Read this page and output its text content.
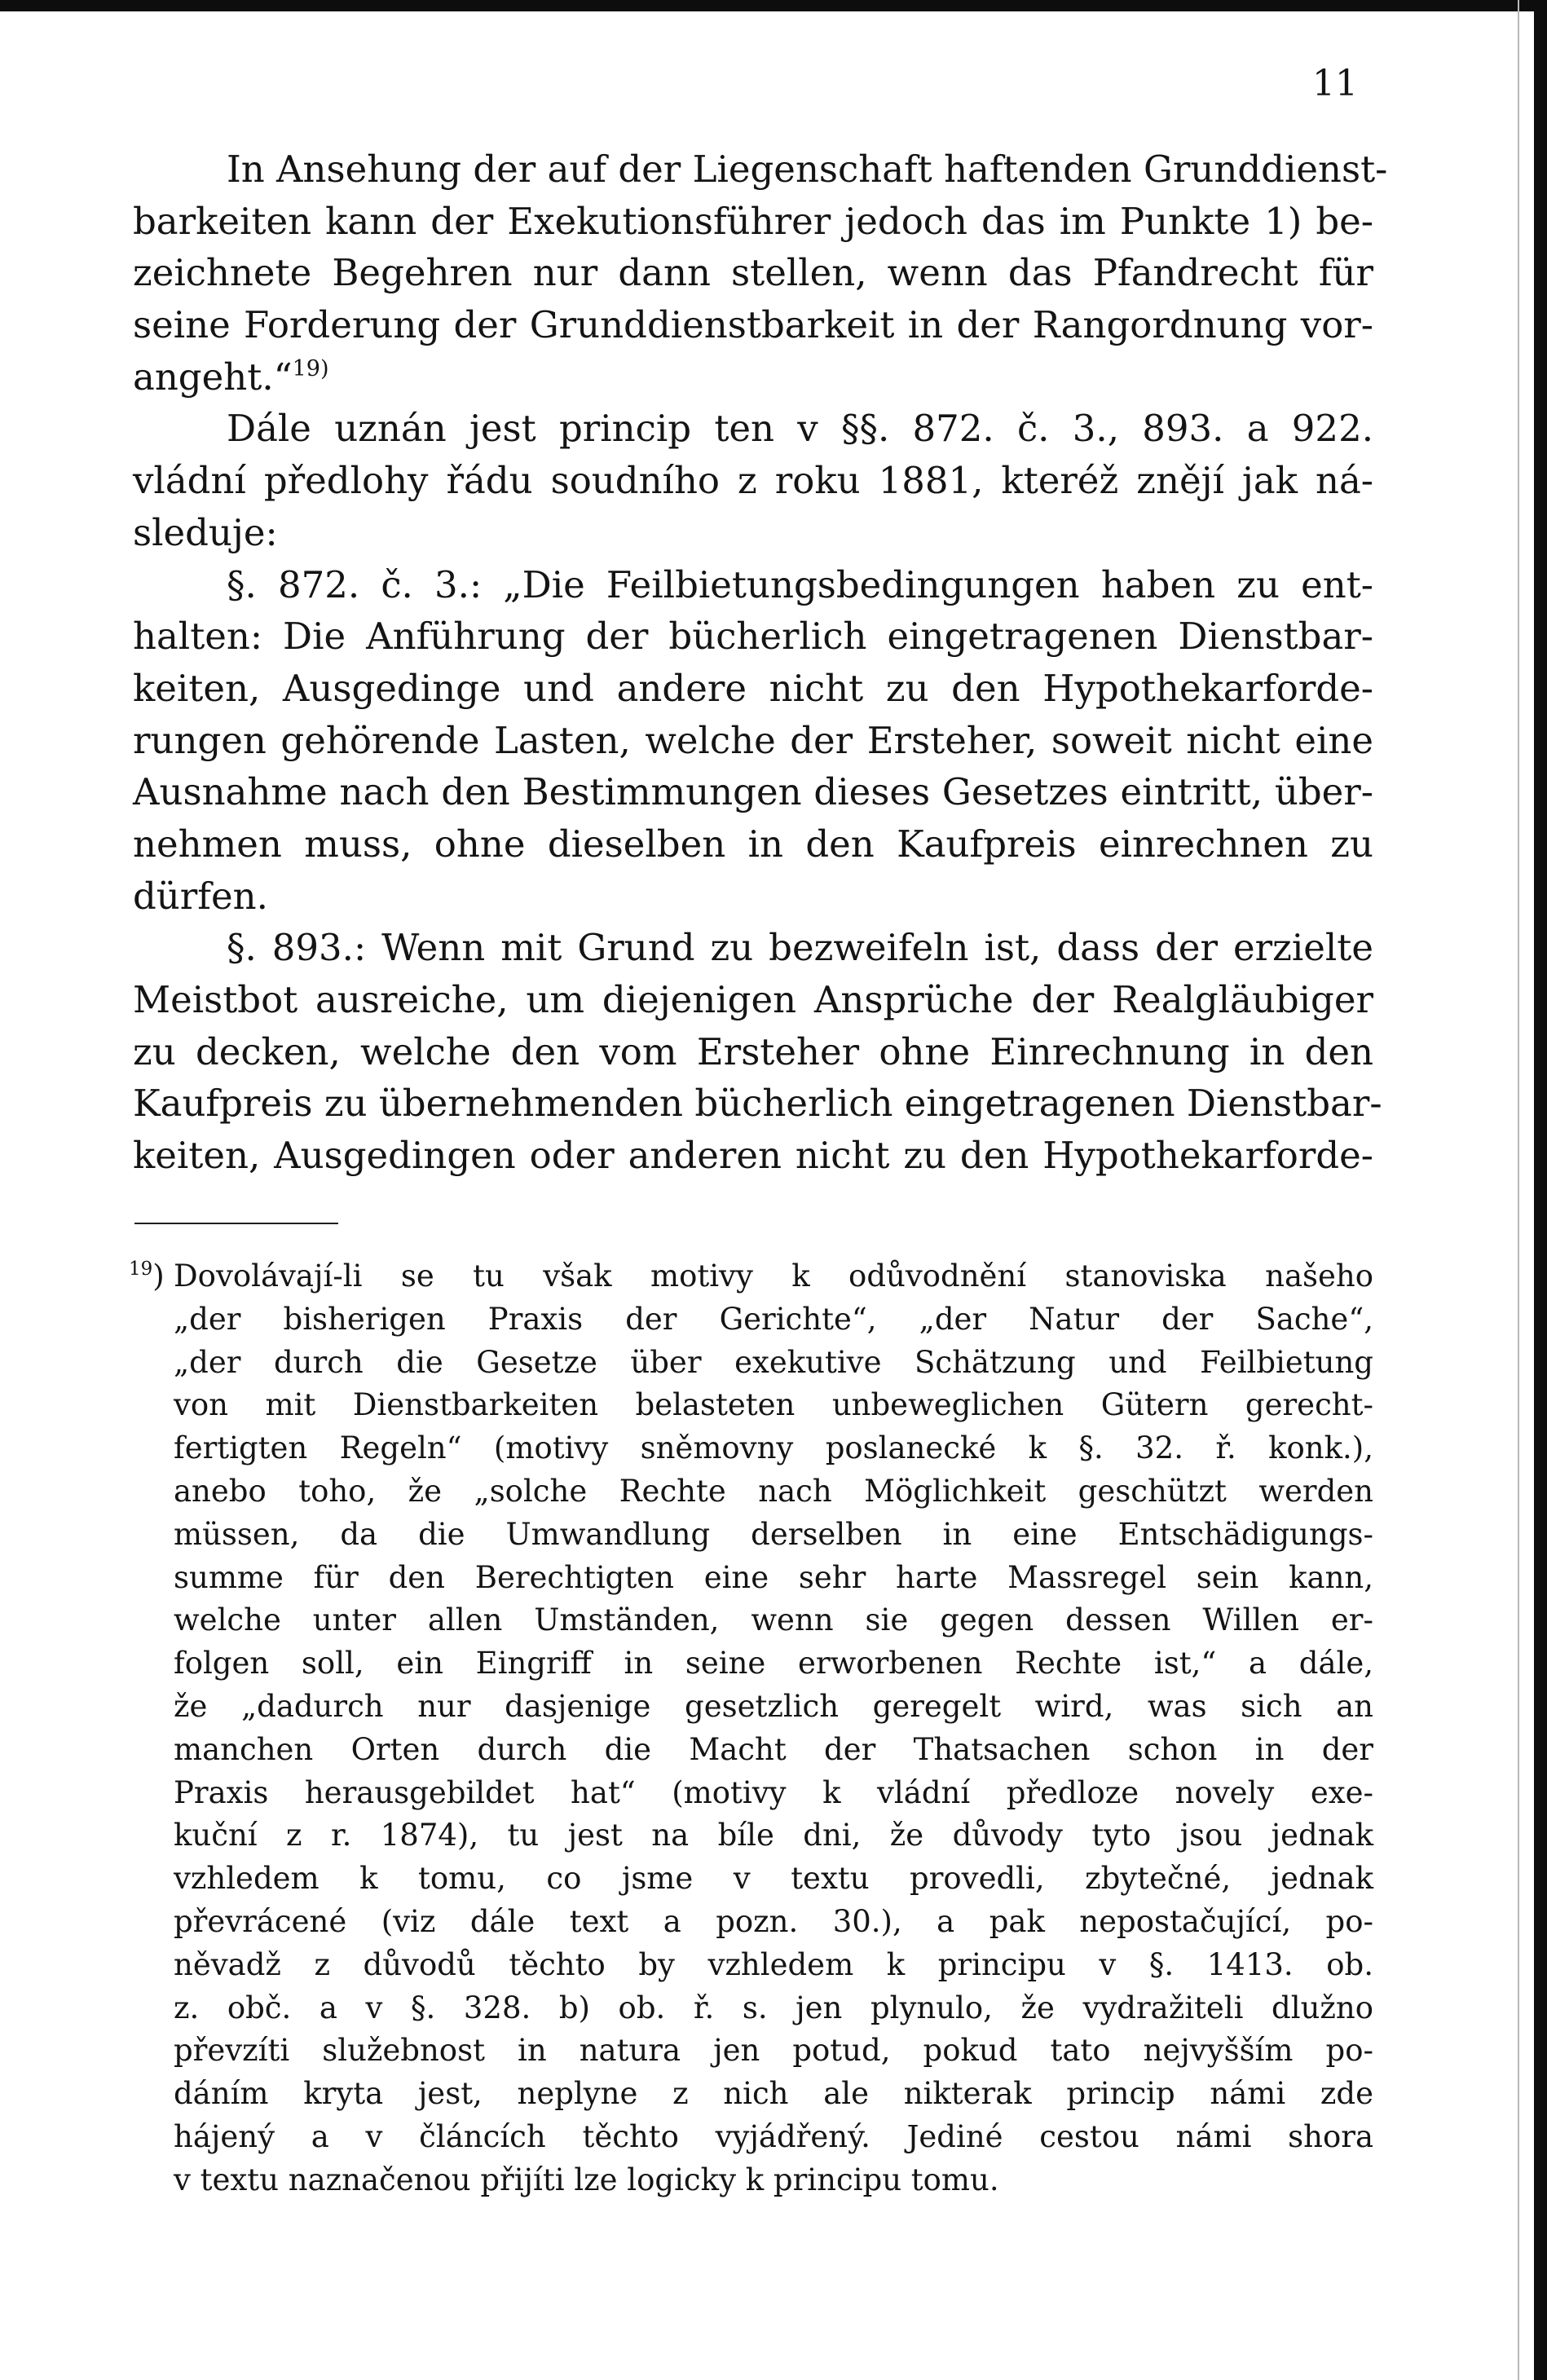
11
In Ansehung der auf der Liegenschaft haftenden Grunddienst-
barkeiten kann der Exekutionsführer jedoch das im Punkte 1) be-
zeichnete Begehren nur dann stellen, wenn das Pfandrecht für
seine Forderung der Grunddienstbarkeit in der Rangordnung vor-
angeht.“$^{19)}$
Dále uznán jest princip ten v §§. 872. č. 3., 893. a 922.
vládní předlohy řádu soudního z roku 1881, kteréž znějí jak ná-
sleduje:
§. 872. č. 3.: „Die Feilbietungsbedingungen haben zu ent-
halten: Die Anführung der bücherlich eingetragenen Dienstbar-
keiten, Ausgedinge und andere nicht zu den Hypothekarforde-
rungen gehörende Lasten, welche der Ersteher, soweit nicht eine
Ausnahme nach den Bestimmungen dieses Gesetzes eintritt, über-
nehmen muss, ohne dieselben in den Kaufpreis einrechnen zu
dürfen.
§. 893.: Wenn mit Grund zu bezweifeln ist, dass der erzielte
Meistbot ausreiche, um diejenigen Ansprüche der Realgläubiger
zu decken, welche den vom Ersteher ohne Einrechnung in den
Kaufpreis zu übernehmenden bücherlich eingetragenen Dienstbar-
keiten, Ausgedingen oder anderen nicht zu den Hypothekarforde-
$^{19}$) Dovolávají-li se tu však motivy k odůvodnění stanoviska našeho
„der bisherigen Praxis der Gerichte“, „der Natur der Sache“,
„der durch die Gesetze über exekutive Schätzung und Feilbietung
von mit Dienstbarkeiten belasteten unbeweglichen Gütern gerecht-
fertigten Regeln“ (motivy sněmovny poslanecké k §. 32. ř. konk.),
anebo toho, že „solche Rechte nach Möglichkeit geschützt werden
müssen, da die Umwandlung derselben in eine Entschädigungs-
summe für den Berechtigten eine sehr harte Massregel sein kann,
welche unter allen Umständen, wenn sie gegen dessen Willen er-
folgen soll, ein Eingriff in seine erworbenen Rechte ist,“ a dále,
že „dadurch nur dasjenige gesetzlich geregelt wird, was sich an
manchen Orten durch die Macht der Thatsachen schon in der
Praxis herausgebildet hat“ (motivy k vládní předloze novely exe-
kuční z r. 1874), tu jest na bíle dni, že důvody tyto jsou jednak
vzhledem k tomu, co jsme v textu provedli, zbytečné, jednak
převrácené (viz dále text a pozn. 30.), a pak nepostačující, po-
něvadž z důvodů těchto by vzhledem k principu v §. 1413. ob.
z. obč. a v §. 328. b) ob. ř. s. jen plynulo, že vydražiteli dlužno
převzíti služebnost in natura jen potud, pokud tato nejvyšším po-
dáním kryta jest, neplyne z nich ale nikterak princip námi zde
hájený a v článcích těchto vyjádřený. Jediné cestou námi shora
v textu naznačenou přijíti lze logicky k principu tomu.
